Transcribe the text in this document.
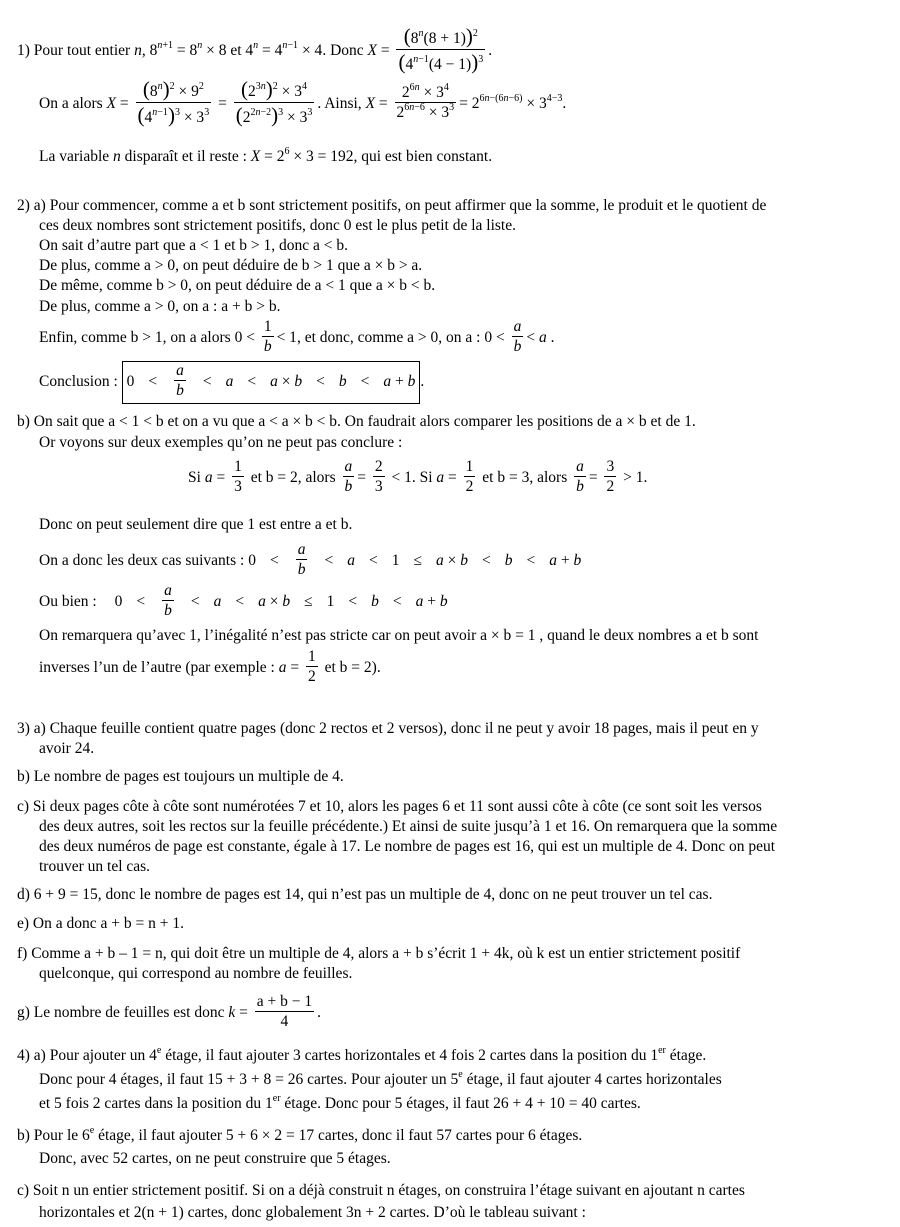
1) Pour tout entier n, $8^{n+1} = 8^n \times 8$ et $4^n = 4^{n-1} \times 4$. Donc $X = \frac{(8^n(8 + 1))^2}{(4^{n-1}(4 - 1))^3}$ .
On a alors $X = \frac{(8^n)^2 \times 9^2}{(4^{n-1})^3 \times 3^3} = \frac{(2^{3n})^2 \times 3^4}{(2^{2n-2})^3 \times 3^3}$ . Ainsi, $X = \frac{2^{6n} \times 3^4}{2^{6n-6} \times 3^3} = 2^{6n-(6n-6)} \times 3^{4-3}$.
La variable n disparaît et il reste : $X = 2^6 \times 3 = 192$, qui est bien constant.
2) a) Pour commencer, comme a et b sont strictement positifs, on peut affirmer que la somme, le produit et le quotient de
ces deux nombres sont strictement positifs, donc 0 est le plus petit de la liste.
On sait d’autre part que a < 1 et b > 1, donc a < b.
De plus, comme a > 0, on peut déduire de b > 1 que a × b > a.
De même, comme b > 0, on peut déduire de a < 1 que a × b < b.
De plus, comme a > 0, on a : a + b > b.
Enfin, comme b > 1, on a alors $0 < \frac{1}{b} < 1$, et donc, comme a > 0, on a : $0 < \frac{a}{b} < a$ .
Conclusion : $0 < \frac{a}{b} < a < a \times b < b < a + b$ .
b) On sait que a < 1 < b et on a vu que a < a × b < b. On faudrait alors comparer les positions de a × b et de 1.
Or voyons sur deux exemples qu’on ne peut pas conclure :
Si $a = \frac{1}{3}$ et b = 2, alors $\frac{a}{b} = \frac{2}{3} < 1$. Si $a = \frac{1}{2}$ et b = 3, alors $\frac{a}{b} = \frac{3}{2} > 1$.
Donc on peut seulement dire que 1 est entre a et b.
On a donc les deux cas suivants : $0 < \frac{a}{b} < a < 1 \le a \times b < b < a + b$
Ou bien : $0 < \frac{a}{b} < a < a \times b \le 1 < b < a + b$
On remarquera qu’avec 1, l’inégalité n’est pas stricte car on peut avoir a × b = 1 , quand le deux nombres a et b sont
inverses l’un de l’autre (par exemple : $a = \frac{1}{2}$ et b = 2).
3) a) Chaque feuille contient quatre pages (donc 2 rectos et 2 versos), donc il ne peut y avoir 18 pages, mais il peut en y
avoir 24.
b) Le nombre de pages est toujours un multiple de 4.
c) Si deux pages côte à côte sont numérotées 7 et 10, alors les pages 6 et 11 sont aussi côte à côte (ce sont soit les versos
des deux autres, soit les rectos sur la feuille précédente.) Et ainsi de suite jusqu’à 1 et 16. On remarquera que la somme
des deux numéros de page est constante, égale à 17. Le nombre de pages est 16, qui est un multiple de 4. Donc on peut
trouver un tel cas.
d) 6 + 9 = 15, donc le nombre de pages est 14, qui n’est pas un multiple de 4, donc on ne peut trouver un tel cas.
e) On a donc a + b = n + 1.
f) Comme a + b – 1 = n, qui doit être un multiple de 4, alors a + b s’écrit 1 + 4k, où k est un entier strictement positif
quelconque, qui correspond au nombre de feuilles.
g) Le nombre de feuilles est donc $k = \frac{a + b - 1}{4}$ .
4) a) Pour ajouter un 4e étage, il faut ajouter 3 cartes horizontales et 4 fois 2 cartes dans la position du 1er étage.
Donc pour 4 étages, il faut 15 + 3 + 8 = 26 cartes. Pour ajouter un 5e étage, il faut ajouter 4 cartes horizontales
et 5 fois 2 cartes dans la position du 1er étage. Donc pour 5 étages, il faut 26 + 4 + 10 = 40 cartes.
b) Pour le 6e étage, il faut ajouter 5 + 6 × 2 = 17 cartes, donc il faut 57 cartes pour 6 étages.
Donc, avec 52 cartes, on ne peut construire que 5 étages.
c) Soit n un entier strictement positif. Si on a déjà construit n étages, on construira l’étage suivant en ajoutant n cartes
horizontales et 2(n + 1) cartes, donc globalement 3n + 2 cartes. D’où le tableau suivant :
